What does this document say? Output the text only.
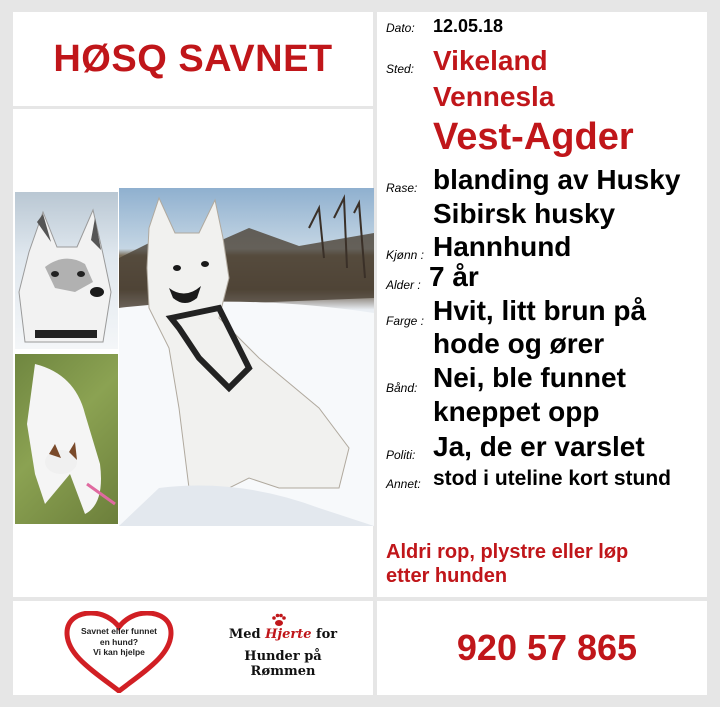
HØSQ SAVNET
Dato: 12.05.18
Sted: Vikeland
Vennesla
Vest-Agder
Rase: blanding av Husky
Sibirsk husky
Kjønn : Hannhund
Alder : 7 år
Farge : Hvit, litt brun på
hode og ører
Bånd: Nei, ble funnet
kneppet opp
Politi: Ja, de er varslet
Annet: stod i uteline kort stund
Aldri rop, plystre eller løp
etter hunden
Savnet eller funnet
en hund?
Vi kan hjelpe
Med Hjerte for
Hunder på Rømmen
920 57 865
